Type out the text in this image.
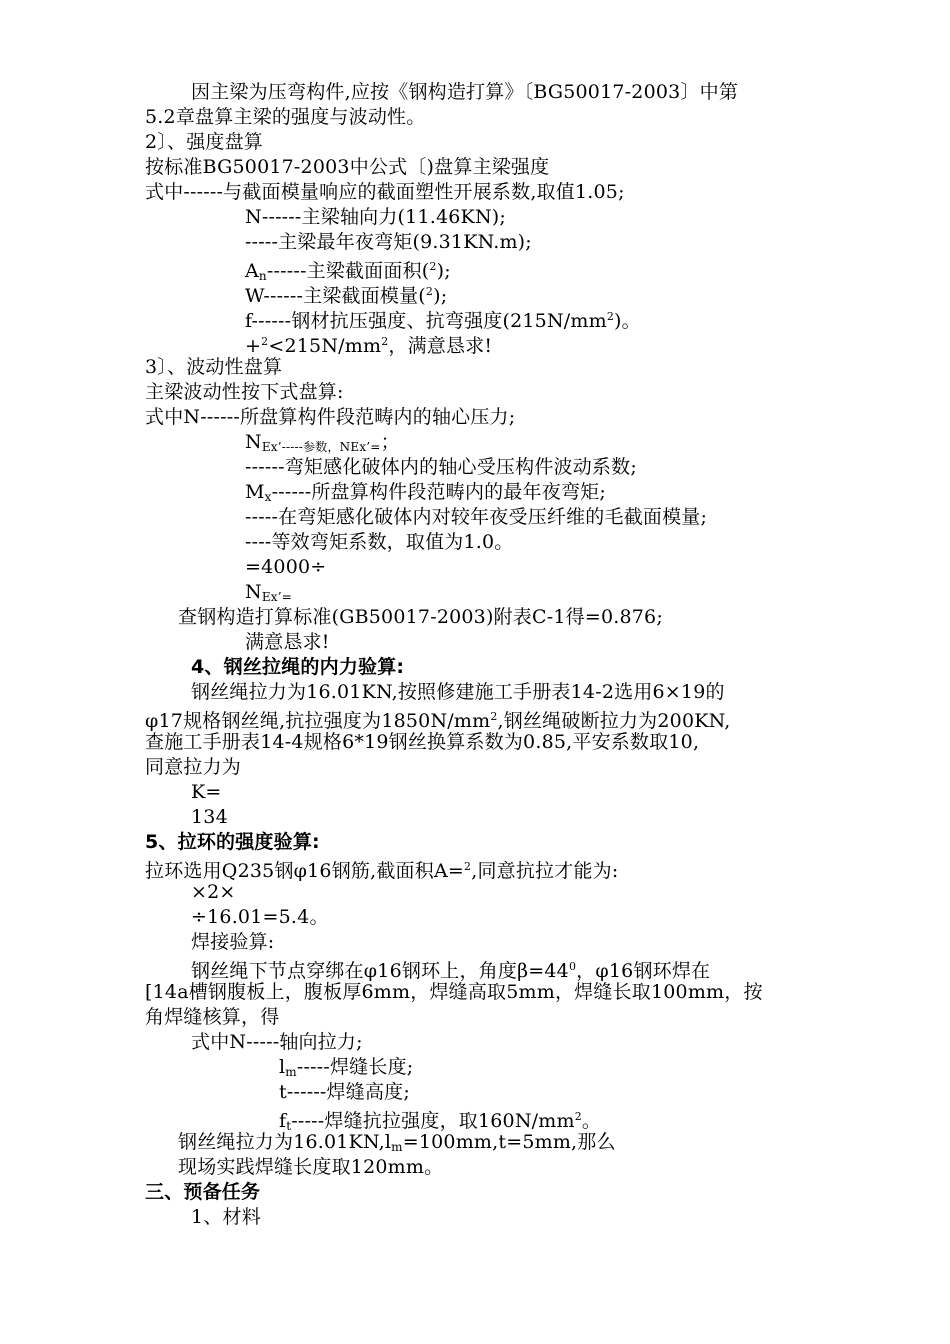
因主梁为压弯构件,应按《钢构造打算》〔BG50017-2003〕中第
5.2章盘算主梁的强度与波动性。
2〕、强度盘算
按标准BG50017-2003中公式〔)盘算主梁强度
式中------与截面模量响应的截面塑性开展系数,取值1.05;
N------主梁轴向力(11.46KN);
-----主梁最年夜弯矩(9.31KN.m);
An------主梁截面面积($^2$);
W------主梁截面模量($^2$);
f------钢材抗压强度、抗弯强度$(215N/mm^2)$。
$+^2<215N/mm^2$，满意恳求!
3〕、波动性盘算
主梁波动性按下式盘算:
式中N------所盘算构件段范畴内的轴心压力;
NEx’-----参数，NEx’=；
------弯矩感化破体内的轴心受压构件波动系数;
Mx------所盘算构件段范畴内的最年夜弯矩;
-----在弯矩感化破体内对较年夜受压纤维的毛截面模量;
----等效弯矩系数，取值为1.0。
=4000÷
NEx’=
查钢构造打算标准(GB50017-2003)附表C-1得=0.876;
满意恳求!
4、钢丝拉绳的内力验算:
钢丝绳拉力为16.01KN,按照修建施工手册表14-2选用6×19的
φ17规格钢丝绳,抗拉强度为$1850N/mm^2$,钢丝绳破断拉力为200KN,
查施工手册表14-4规格6*19钢丝换算系数为0.85,平安系数取10,
同意拉力为
K=
134
5、拉环的强度验算:
拉环选用Q235钢φ16钢筋,截面积A=$^2$,同意抗拉才能为:
×2×
÷16.01=5.4。
焊接验算:
钢丝绳下节点穿绑在φ16钢环上，角度$\beta=44^0$，φ16钢环焊在
[14a槽钢腹板上，腹板厚6mm，焊缝高取5mm，焊缝长取100mm，按
角焊缝核算，得
式中N-----轴向拉力;
lm-----焊缝长度;
t------焊缝高度;
ft-----焊缝抗拉强度，取$160N/mm^2$。
钢丝绳拉力为16.01KN,lm=100mm,t=5mm,那么
现场实践焊缝长度取120mm。
三、预备任务
1、材料
